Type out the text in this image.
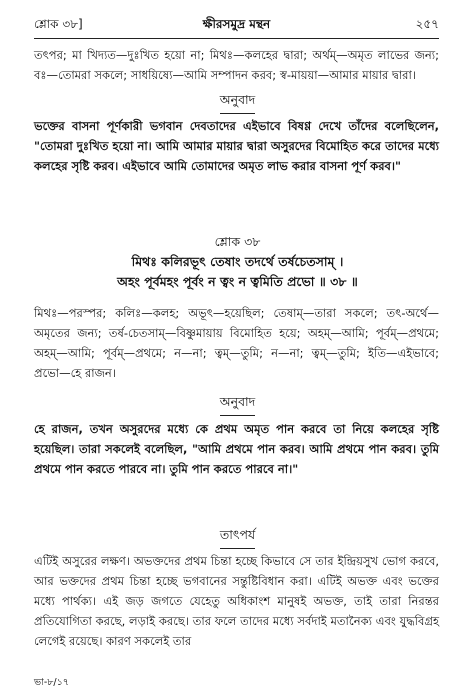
শ্লোক ৩৮]	ক্ষীরসমুদ্র মন্থন	২৫৭

তৎপর; মা খিদ্যত—দুঃখিত হয়ো না; মিথঃ—কলহের দ্বারা; অর্থম্—অমৃত লাভের জন্য; বঃ—তোমরা সকলে; সাধয়িষ্যে—আমি সম্পাদন করব; স্ব-মায়য়া—আমার মায়ার দ্বারা।

অনুবাদ

ভক্তের বাসনা পূর্ণকারী ভগবান দেবতাদের এইভাবে বিষণ্ণ দেখে তাঁদের বলেছিলেন, "তোমরা দুঃখিত হয়ো না। আমি আমার মায়ার দ্বারা অসুরদের বিমোহিত করে তাদের মধ্যে কলহের সৃষ্টি করব। এইভাবে আমি তোমাদের অমৃত লাভ করার বাসনা পূর্ণ করব।"

শ্লোক ৩৮

মিথঃ কলিরভূৎ তেষাং তদর্থে তর্ষচেতসাম্ ।

অহং পূর্বমহং পূর্বং ন ত্বং ন ত্বমিতি প্রভো ॥ ৩৮ ॥

মিথঃ—পরস্পর; কলিঃ—কলহ; অভূৎ—হয়েছিল; তেষাম্—তারা সকলে; তৎ-অর্থে—অমৃতের জন্য; তর্ষ-চেতসাম্—বিষ্ণুমায়ায় বিমোহিত হয়ে; অহম্—আমি; পূর্বম্—প্রথমে; অহম্—আমি; পূর্বম্—প্রথমে; ন—না; ত্বম্—তুমি; ন—না; ত্বম্—তুমি; ইতি—এইভাবে; প্রভো—হে রাজন।

অনুবাদ

হে রাজন, তখন অসুরদের মধ্যে কে প্রথম অমৃত পান করবে তা নিয়ে কলহের সৃষ্টি হয়েছিল। তারা সকলেই বলেছিল, "আমি প্রথমে পান করব। আমি প্রথমে পান করব। তুমি প্রথমে পান করতে পারবে না। তুমি পান করতে পারবে না।"

তাৎপর্য

এটিই অসুরের লক্ষণ। অভক্তদের প্রথম চিন্তা হচ্ছে কিভাবে সে তার ইন্দ্রিয়সুখ ভোগ করবে, আর ভক্তদের প্রথম চিন্তা হচ্ছে ভগবানের সন্তুষ্টিবিধান করা। এটিই অভক্ত এবং ভক্তের মধ্যে পার্থক্য। এই জড় জগতে যেহেতু অধিকাংশ মানুষই অভক্ত, তাই তারা নিরন্তর প্রতিযোগিতা করছে, লড়াই করছে। তার ফলে তাদের মধ্যে সর্বদাই মতানৈক্য এবং যুদ্ধবিগ্রহ লেগেই রয়েছে। কারণ সকলেই তার

ভা-৮/১৭
